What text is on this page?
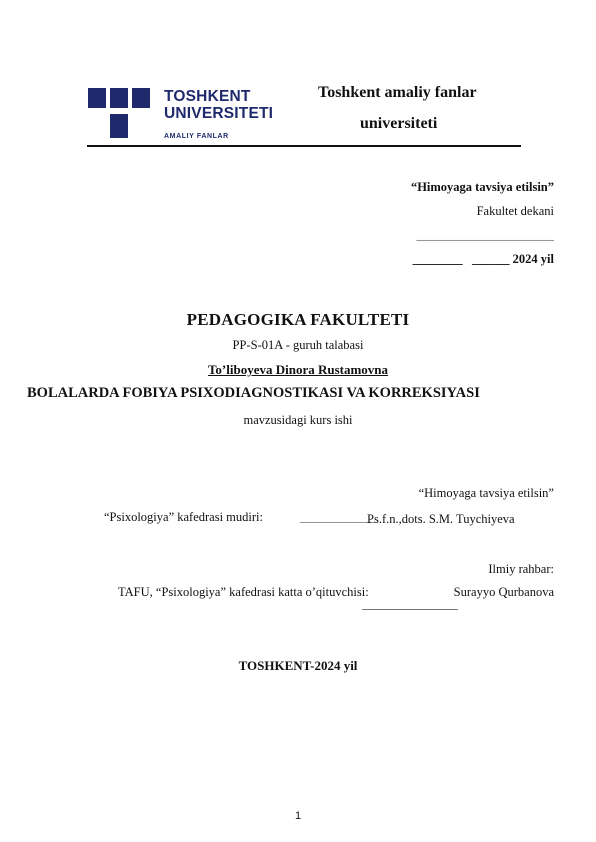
TOSHKENT
UNIVERSITETI
AMALIY FANLAR
Toshkent amaliy fanlar
universiteti
“Himoyaga tavsiya etilsin”
Fakultet dekani
______________________
________ ______ 2024 yil
PEDAGOGIKA FAKULTETI
PP-S-01A - guruh talabasi
To’liboyeva Dinora Rustamovna
BOLALARDA FOBIYA PSIXODIAGNOSTIKASI VA KORREKSIYASI
mavzusidagi kurs ishi
“Himoyaga tavsiya etilsin”
“Psixologiya” kafedrasi mudiri:	____________
Ps.f.n.,dots. S.M. Tuychiyeva
Ilmiy rahbar:
TAFU, “Psixologiya” kafedrasi katta o’qituvchisi:	Surayyo Qurbanova
TOSHKENT-2024 yil
1
